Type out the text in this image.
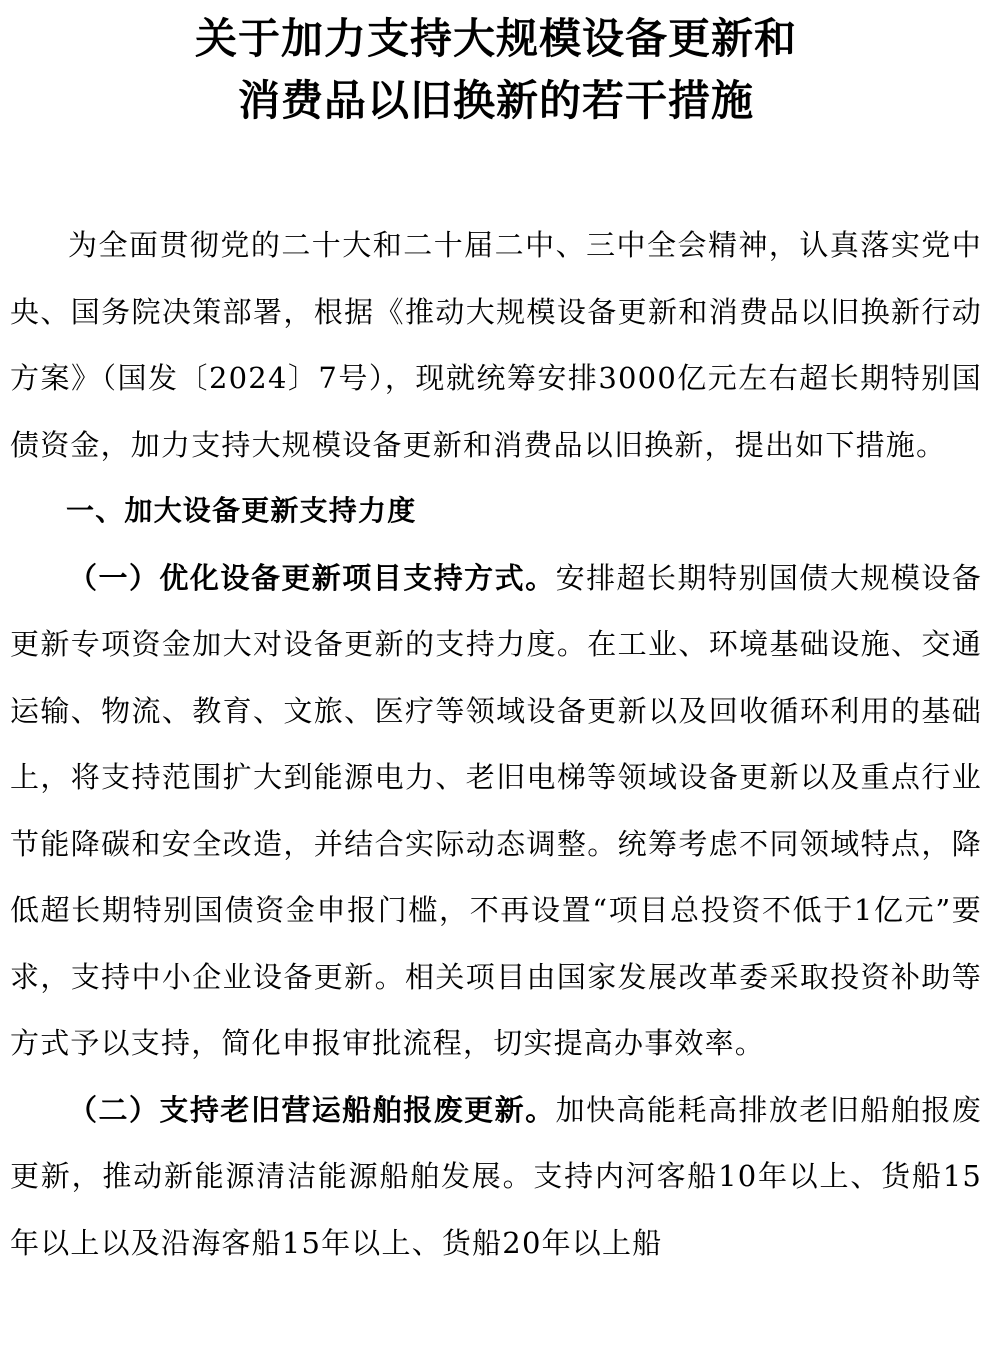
关于加力支持大规模设备更新和
消费品以旧换新的若干措施

为全面贯彻党的二十大和二十届二中、三中全会精神，认真落实党中央、国务院决策部署，根据《推动大规模设备更新和消费品以旧换新行动方案》（国发〔2024〕7号），现就统筹安排3000亿元左右超长期特别国债资金，加力支持大规模设备更新和消费品以旧换新，提出如下措施。

一、加大设备更新支持力度

（一）优化设备更新项目支持方式。安排超长期特别国债大规模设备更新专项资金加大对设备更新的支持力度。在工业、环境基础设施、交通运输、物流、教育、文旅、医疗等领域设备更新以及回收循环利用的基础上，将支持范围扩大到能源电力、老旧电梯等领域设备更新以及重点行业节能降碳和安全改造，并结合实际动态调整。统筹考虑不同领域特点，降低超长期特别国债资金申报门槛，不再设置“项目总投资不低于1亿元”要求，支持中小企业设备更新。相关项目由国家发展改革委采取投资补助等方式予以支持，简化申报审批流程，切实提高办事效率。

（二）支持老旧营运船舶报废更新。加快高能耗高排放老旧船舶报废更新，推动新能源清洁能源船舶发展。支持内河客船10年以上、货船15年以上以及沿海客船15年以上、货船20年以上船
